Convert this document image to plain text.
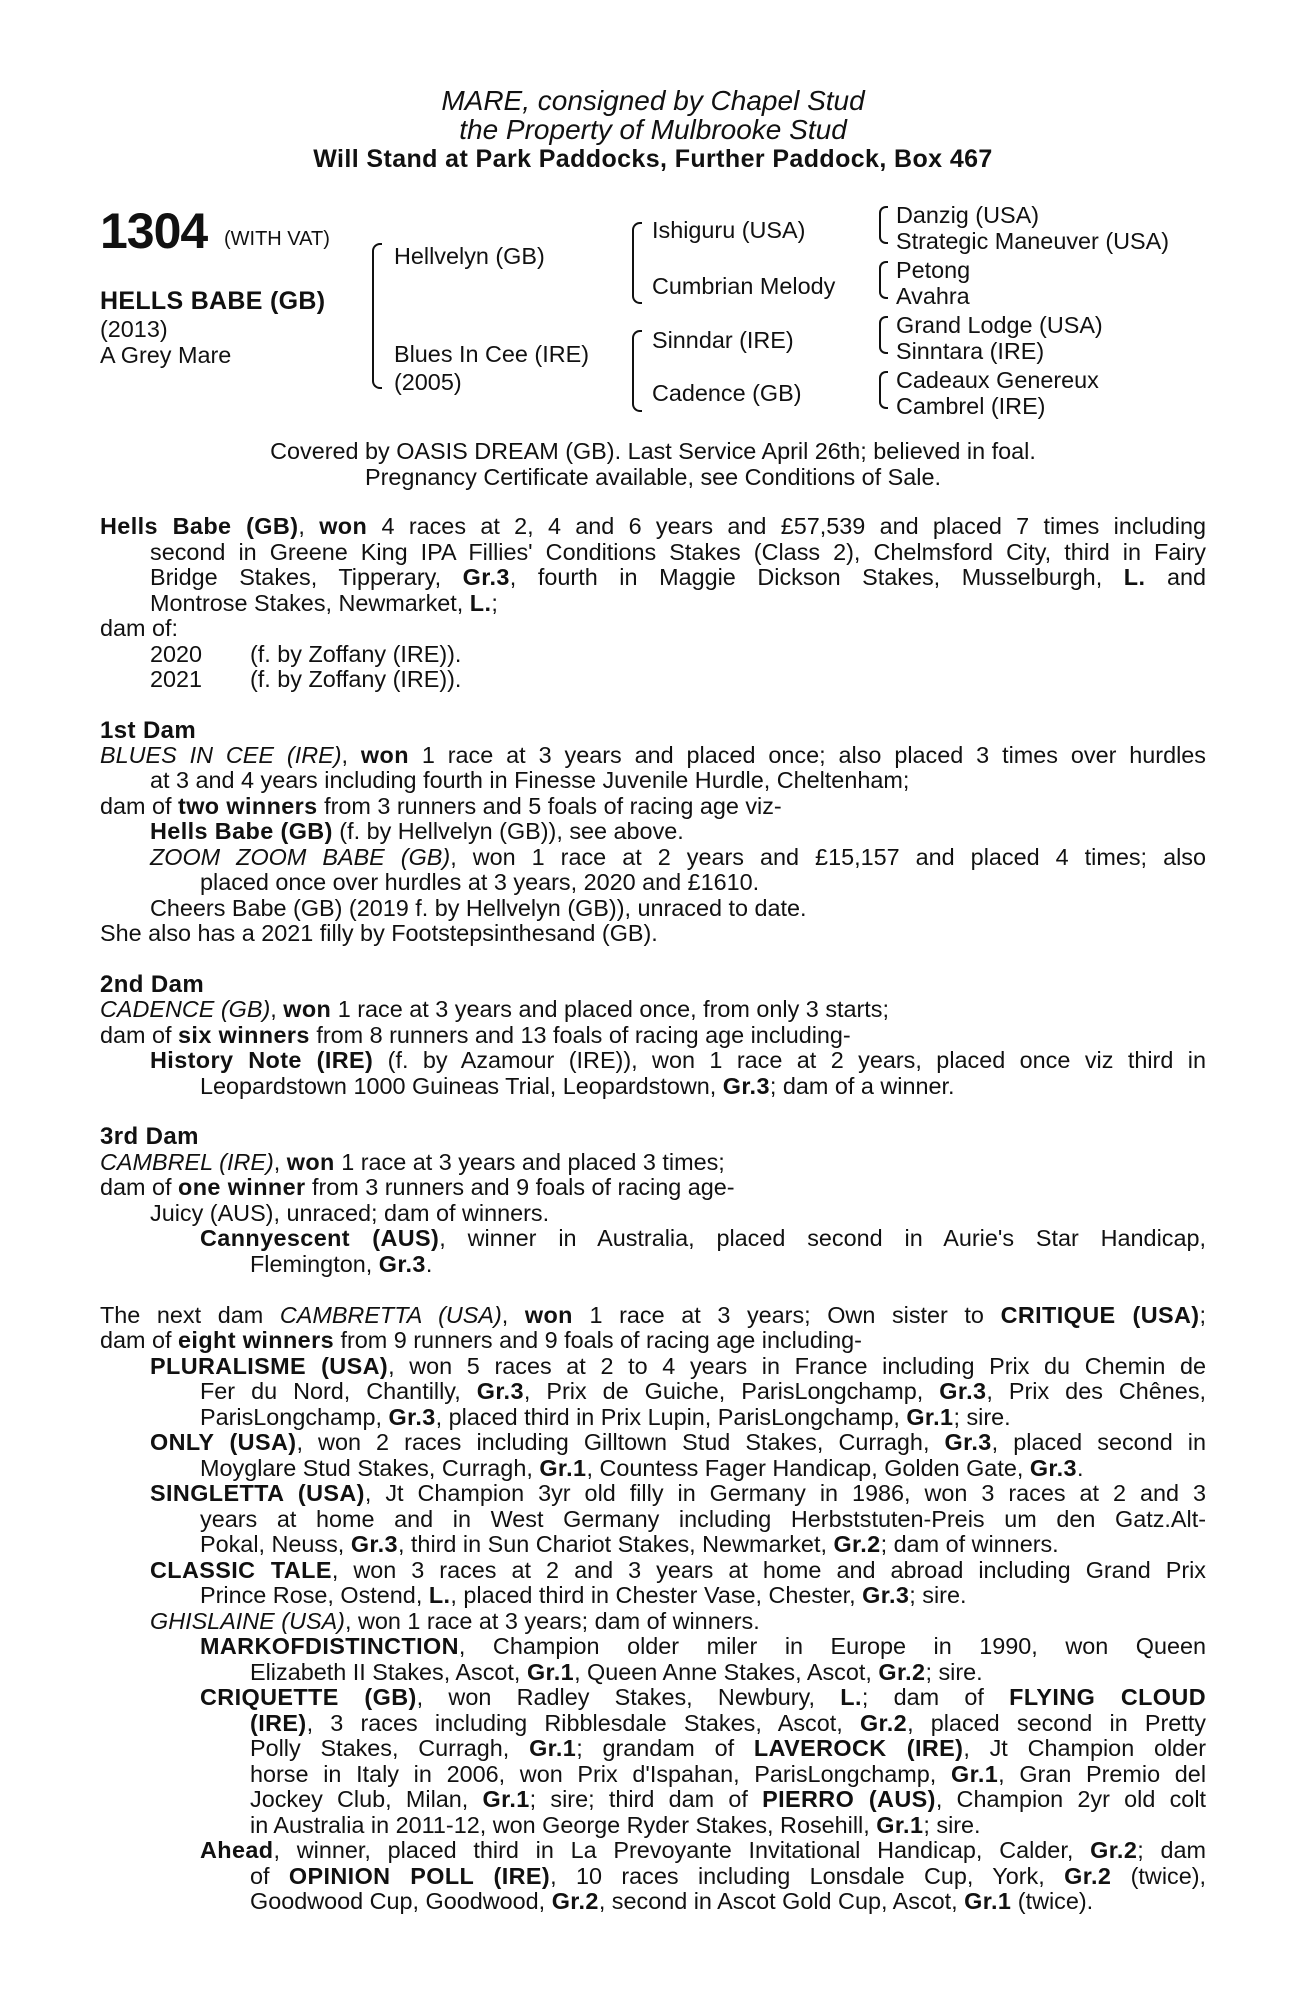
MARE, consigned by Chapel Stud
the Property of Mulbrooke Stud
Will Stand at Park Paddocks, Further Paddock, Box 467
1304 (WITH VAT)
HELLS BABE (GB)
(2013)
A Grey Mare
Hellvelyn (GB)
Blues In Cee (IRE)
(2005)
Ishiguru (USA)
Cumbrian Melody
Sinndar (IRE)
Cadence (GB)
Danzig (USA)
Strategic Maneuver (USA)
Petong
Avahra
Grand Lodge (USA)
Sinntara (IRE)
Cadeaux Genereux
Cambrel (IRE)
Covered by OASIS DREAM (GB). Last Service April 26th; believed in foal.
Pregnancy Certificate available, see Conditions of Sale.
Hells Babe (GB), won 4 races at 2, 4 and 6 years and £57,539 and placed 7 times including
second in Greene King IPA Fillies' Conditions Stakes (Class 2), Chelmsford City, third in Fairy
Bridge Stakes, Tipperary, Gr.3, fourth in Maggie Dickson Stakes, Musselburgh, L. and
Montrose Stakes, Newmarket, L.;
dam of:
2020 (f. by Zoffany (IRE)).
2021 (f. by Zoffany (IRE)).
1st Dam
BLUES IN CEE (IRE), won 1 race at 3 years and placed once; also placed 3 times over hurdles
at 3 and 4 years including fourth in Finesse Juvenile Hurdle, Cheltenham;
dam of two winners from 3 runners and 5 foals of racing age viz-
Hells Babe (GB) (f. by Hellvelyn (GB)), see above.
ZOOM ZOOM BABE (GB), won 1 race at 2 years and £15,157 and placed 4 times; also
placed once over hurdles at 3 years, 2020 and £1610.
Cheers Babe (GB) (2019 f. by Hellvelyn (GB)), unraced to date.
She also has a 2021 filly by Footstepsinthesand (GB).
2nd Dam
CADENCE (GB), won 1 race at 3 years and placed once, from only 3 starts;
dam of six winners from 8 runners and 13 foals of racing age including-
History Note (IRE) (f. by Azamour (IRE)), won 1 race at 2 years, placed once viz third in
Leopardstown 1000 Guineas Trial, Leopardstown, Gr.3; dam of a winner.
3rd Dam
CAMBREL (IRE), won 1 race at 3 years and placed 3 times;
dam of one winner from 3 runners and 9 foals of racing age-
Juicy (AUS), unraced; dam of winners.
Cannyescent (AUS), winner in Australia, placed second in Aurie's Star Handicap,
Flemington, Gr.3.
The next dam CAMBRETTA (USA), won 1 race at 3 years; Own sister to CRITIQUE (USA);
dam of eight winners from 9 runners and 9 foals of racing age including-
PLURALISME (USA), won 5 races at 2 to 4 years in France including Prix du Chemin de
Fer du Nord, Chantilly, Gr.3, Prix de Guiche, ParisLongchamp, Gr.3, Prix des Chênes,
ParisLongchamp, Gr.3, placed third in Prix Lupin, ParisLongchamp, Gr.1; sire.
ONLY (USA), won 2 races including Gilltown Stud Stakes, Curragh, Gr.3, placed second in
Moyglare Stud Stakes, Curragh, Gr.1, Countess Fager Handicap, Golden Gate, Gr.3.
SINGLETTA (USA), Jt Champion 3yr old filly in Germany in 1986, won 3 races at 2 and 3
years at home and in West Germany including Herbststuten-Preis um den Gatz.Alt-
Pokal, Neuss, Gr.3, third in Sun Chariot Stakes, Newmarket, Gr.2; dam of winners.
CLASSIC TALE, won 3 races at 2 and 3 years at home and abroad including Grand Prix
Prince Rose, Ostend, L., placed third in Chester Vase, Chester, Gr.3; sire.
GHISLAINE (USA), won 1 race at 3 years; dam of winners.
MARKOFDISTINCTION, Champion older miler in Europe in 1990, won Queen
Elizabeth II Stakes, Ascot, Gr.1, Queen Anne Stakes, Ascot, Gr.2; sire.
CRIQUETTE (GB), won Radley Stakes, Newbury, L.; dam of FLYING CLOUD
(IRE), 3 races including Ribblesdale Stakes, Ascot, Gr.2, placed second in Pretty
Polly Stakes, Curragh, Gr.1; grandam of LAVEROCK (IRE), Jt Champion older
horse in Italy in 2006, won Prix d'Ispahan, ParisLongchamp, Gr.1, Gran Premio del
Jockey Club, Milan, Gr.1; sire; third dam of PIERRO (AUS), Champion 2yr old colt
in Australia in 2011-12, won George Ryder Stakes, Rosehill, Gr.1; sire.
Ahead, winner, placed third in La Prevoyante Invitational Handicap, Calder, Gr.2; dam
of OPINION POLL (IRE), 10 races including Lonsdale Cup, York, Gr.2 (twice),
Goodwood Cup, Goodwood, Gr.2, second in Ascot Gold Cup, Ascot, Gr.1 (twice).
